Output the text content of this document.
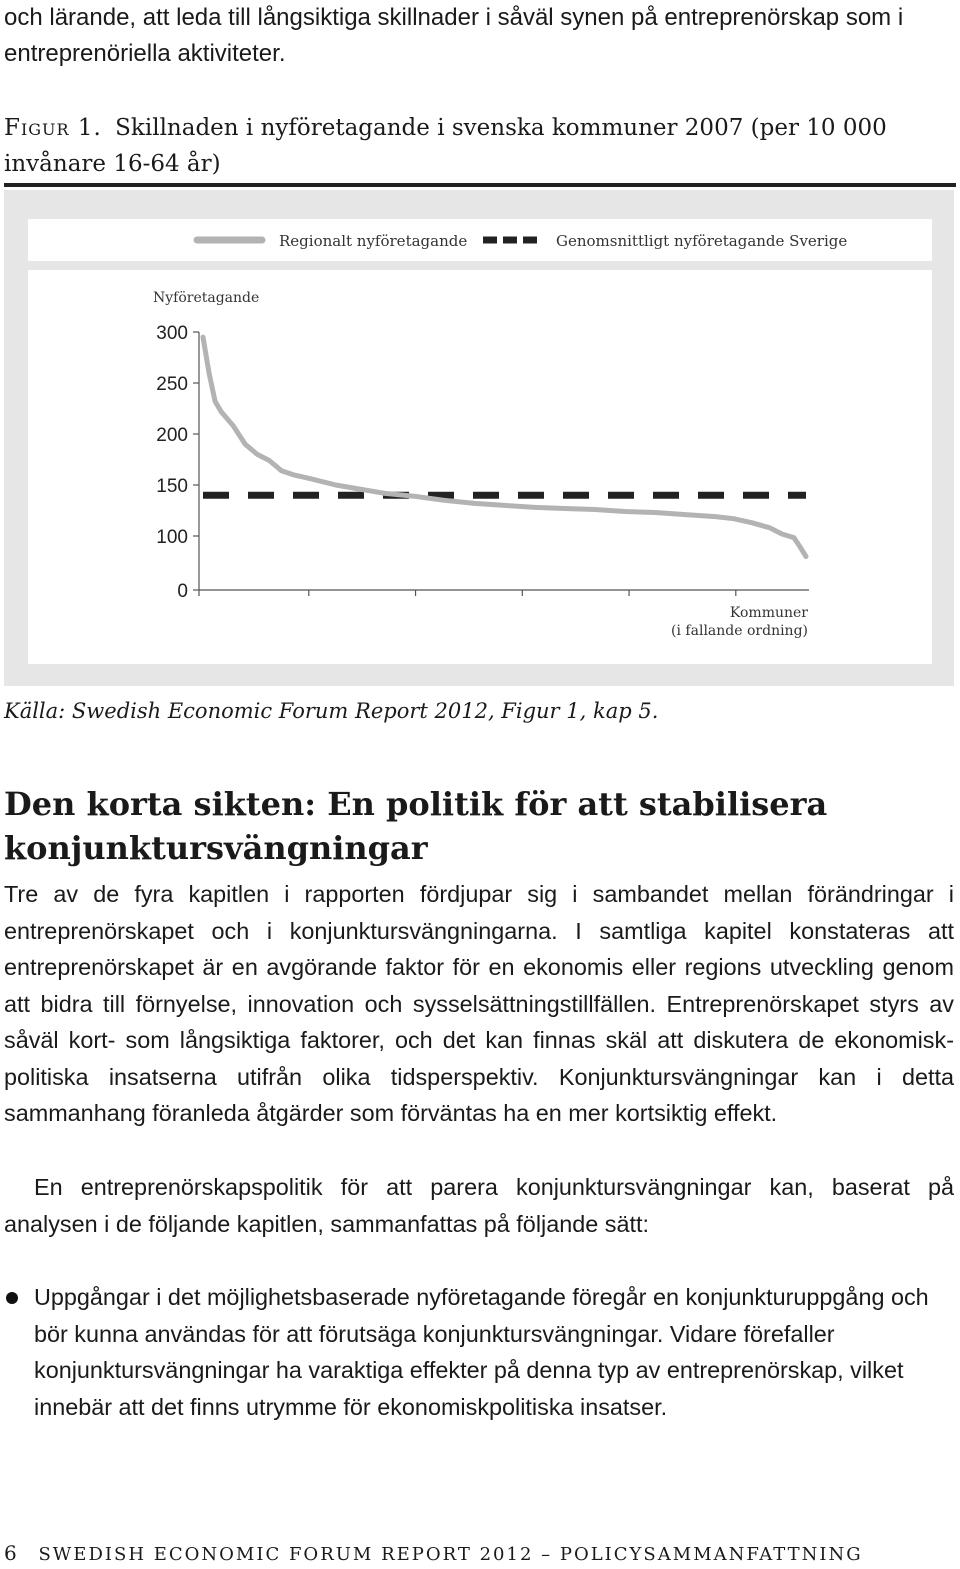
och lärande, att leda till långsiktiga skillnader i såväl synen på entreprenörskap som i entreprenöriella aktiviteter.

Figur 1. Skillnaden i nyföretagande i svenska kommuner 2007 (per 10 000 invånare 16-64 år)

Regionalt nyföretagande	Genomsnittligt nyföretagande Sverige
Nyföretagande
300
250
200
150
100
0
Kommuner
(i fallande ordning)

Källa: Swedish Economic Forum Report 2012, Figur 1, kap 5.

Den korta sikten: En politik för att stabilisera konjunktursvängningar

Tre av de fyra kapitlen i rapporten fördjupar sig i sambandet mellan förändringar i entreprenörskapet och i konjunktursvängningarna. I samtliga kapitel konstateras att entreprenörskapet är en avgörande faktor för en ekonomis eller regions utveckling genom att bidra till förnyelse, innovation och sysselsättningstillfällen. Entreprenörskapet styrs av såväl kort- som långsiktiga faktorer, och det kan finnas skäl att diskutera de ekonomisk-politiska insatserna utifrån olika tidsperspektiv. Konjunktursvängningar kan i detta sammanhang föranleda åtgärder som förväntas ha en mer kortsiktig effekt.

En entreprenörskapspolitik för att parera konjunktursvängningar kan, baserat på analysen i de följande kapitlen, sammanfattas på följande sätt:

Uppgångar i det möjlighetsbaserade nyföretagande föregår en konjunkturuppgång och bör kunna användas för att förutsäga konjunktursvängningar. Vidare förefaller konjunktursvängningar ha varaktiga effekter på denna typ av entreprenörskap, vilket innebär att det finns utrymme för ekonomiskpolitiska insatser.
6 SWEDISH ECONOMIC FORUM REPORT 2012 – POLICYSAMMANFATTNING
